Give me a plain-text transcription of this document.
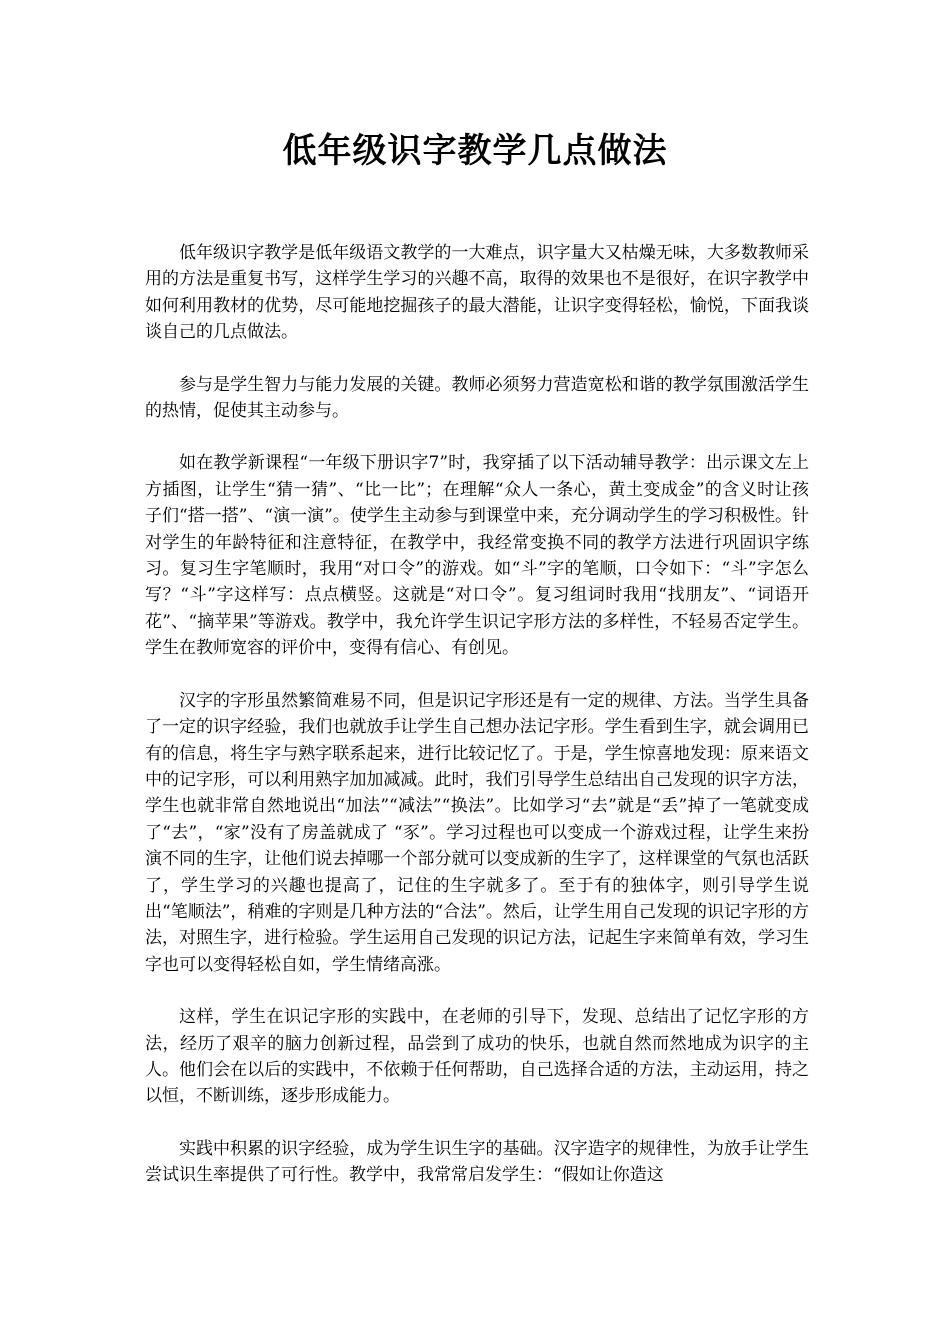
低年级识字教学几点做法

低年级识字教学是低年级语文教学的一大难点，识字量大又枯燥无味，大多数教师采用的方法是重复书写，这样学生学习的兴趣不高，取得的效果也不是很好，在识字教学中如何利用教材的优势，尽可能地挖掘孩子的最大潜能，让识字变得轻松，愉悦，下面我谈谈自己的几点做法。

参与是学生智力与能力发展的关键。教师必须努力营造宽松和谐的教学氛围激活学生的热情，促使其主动参与。

如在教学新课程“一年级下册识字7”时，我穿插了以下活动辅导教学：出示课文左上方插图，让学生“猜一猜”、“比一比”；在理解“众人一条心，黄土变成金”的含义时让孩子们“搭一搭”、“演一演”。使学生主动参与到课堂中来，充分调动学生的学习积极性。针对学生的年龄特征和注意特征，在教学中，我经常变换不同的教学方法进行巩固识字练习。复习生字笔顺时，我用“对口令”的游戏。如“斗”字的笔顺，口令如下：“斗”字怎么写？“斗”字这样写：点点横竖。这就是“对口令”。复习组词时我用“找朋友”、“词语开花”、“摘苹果”等游戏。教学中，我允许学生识记字形方法的多样性，不轻易否定学生。学生在教师宽容的评价中，变得有信心、有创见。

汉字的字形虽然繁简难易不同，但是识记字形还是有一定的规律、方法。当学生具备了一定的识字经验，我们也就放手让学生自己想办法记字形。学生看到生字，就会调用已有的信息，将生字与熟字联系起来，进行比较记忆了。于是，学生惊喜地发现：原来语文中的记字形，可以利用熟字加加减减。此时，我们引导学生总结出自己发现的识字方法，学生也就非常自然地说出“加法”“减法”“换法”。比如学习“去”就是“丢”掉了一笔就变成了“去”，“家”没有了房盖就成了 “豕”。学习过程也可以变成一个游戏过程，让学生来扮演不同的生字，让他们说去掉哪一个部分就可以变成新的生字了，这样课堂的气氛也活跃了，学生学习的兴趣也提高了，记住的生字就多了。至于有的独体字，则引导学生说出“笔顺法”，稍难的字则是几种方法的“合法”。然后，让学生用自己发现的识记字形的方法，对照生字，进行检验。学生运用自己发现的识记方法，记起生字来简单有效，学习生字也可以变得轻松自如，学生情绪高涨。

这样，学生在识记字形的实践中，在老师的引导下，发现、总结出了记忆字形的方法，经历了艰辛的脑力创新过程，品尝到了成功的快乐，也就自然而然地成为识字的主人。他们会在以后的实践中，不依赖于任何帮助，自己选择合适的方法，主动运用，持之以恒，不断训练，逐步形成能力。

实践中积累的识字经验，成为学生识生字的基础。汉字造字的规律性，为放手让学生尝试识生率提供了可行性。教学中，我常常启发学生：“假如让你造这
